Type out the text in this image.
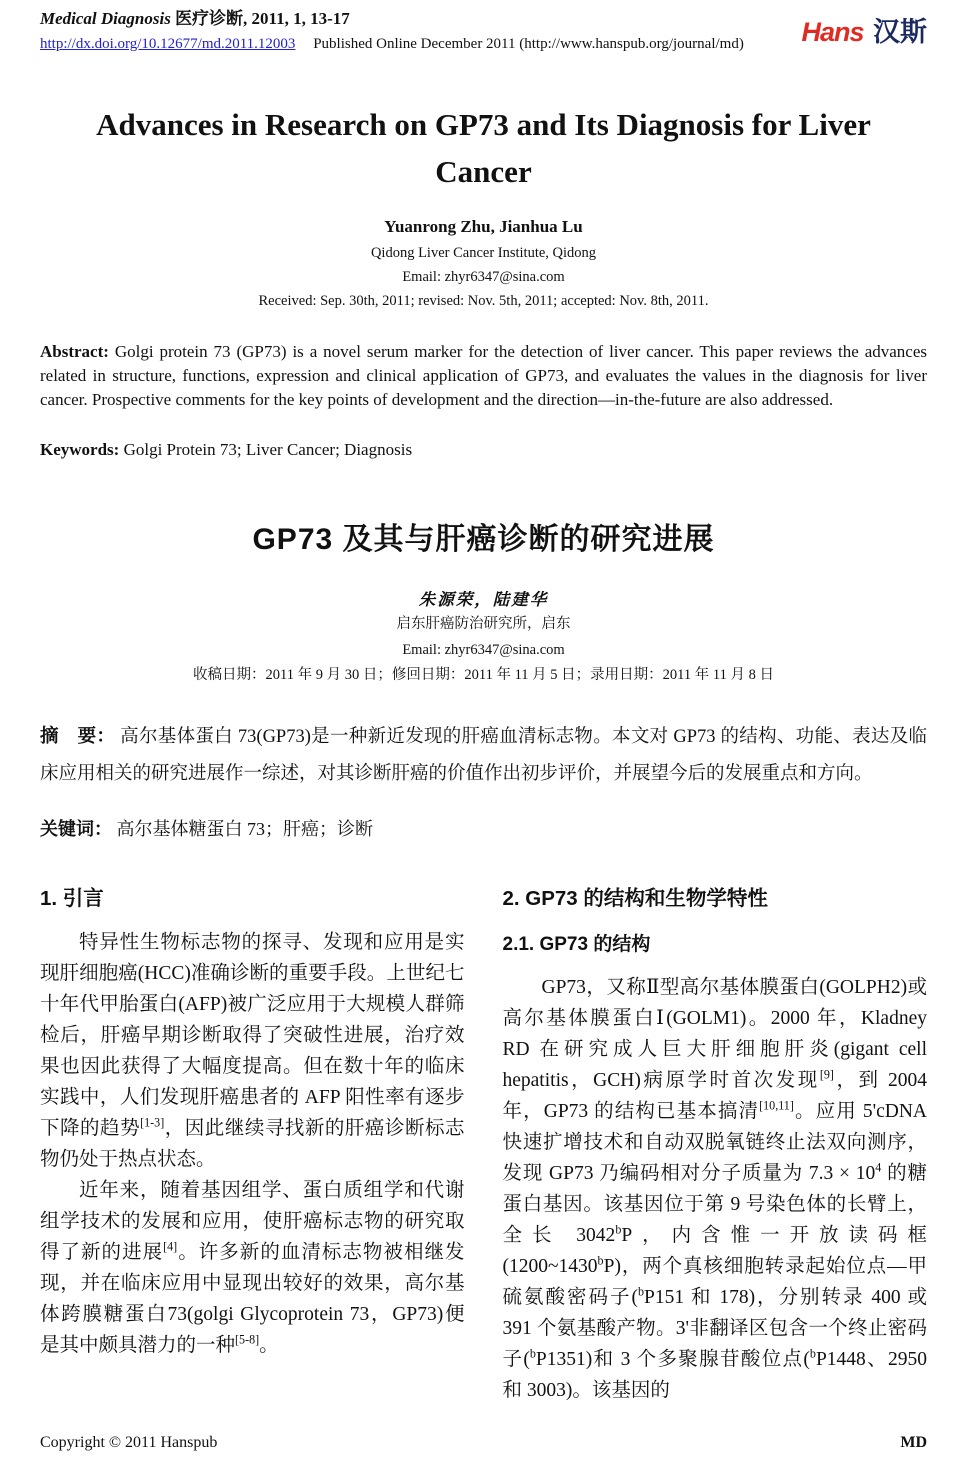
Medical Diagnosis 医疗诊断, 2011, 1, 13-17
http://dx.doi.org/10.12677/md.2011.12003 Published Online December 2011 (http://www.hanspub.org/journal/md) Hans 汉斯
Advances in Research on GP73 and Its Diagnosis for Liver Cancer
Yuanrong Zhu, Jianhua Lu
Qidong Liver Cancer Institute, Qidong
Email: zhyr6347@sina.com
Received: Sep. 30th, 2011; revised: Nov. 5th, 2011; accepted: Nov. 8th, 2011.

Abstract: Golgi protein 73 (GP73) is a novel serum marker for the detection of liver cancer. This paper reviews the advances related in structure, functions, expression and clinical application of GP73, and evaluates the values in the diagnosis for liver cancer. Prospective comments for the key points of development and the direction—in-the-future are also addressed.

Keywords: Golgi Protein 73; Liver Cancer; Diagnosis

GP73 及其与肝癌诊断的研究进展
朱源荣，陆建华
启东肝癌防治研究所，启东
Email: zhyr6347@sina.com
收稿日期：2011 年 9 月 30 日；修回日期：2011 年 11 月 5 日；录用日期：2011 年 11 月 8 日

摘　要： 高尔基体蛋白 73(GP73)是一种新近发现的肝癌血清标志物。本文对 GP73 的结构、功能、表达及临床应用相关的研究进展作一综述，对其诊断肝癌的价值作出初步评价，并展望今后的发展重点和方向。

关键词： 高尔基体糖蛋白 73；肝癌；诊断

1. 引言

特异性生物标志物的探寻、发现和应用是实现肝细胞癌(HCC)准确诊断的重要手段。上世纪七十年代甲胎蛋白(AFP)被广泛应用于大规模人群筛检后，肝癌早期诊断取得了突破性进展，治疗效果也因此获得了大幅度提高。但在数十年的临床实践中，人们发现肝癌患者的 AFP 阳性率有逐步下降的趋势[1-3]，因此继续寻找新的肝癌诊断标志物仍处于热点状态。

近年来，随着基因组学、蛋白质组学和代谢组学技术的发展和应用，使肝癌标志物的研究取得了新的进展[4]。许多新的血清标志物被相继发现，并在临床应用中显现出较好的效果，高尔基体跨膜糖蛋白73(golgi Glycoprotein 73，GP73)便是其中颇具潜力的一种[5-8]。

2. GP73 的结构和生物学特性
2.1. GP73 的结构

GP73，又称Ⅱ型高尔基体膜蛋白(GOLPH2)或高尔基体膜蛋白Ⅰ(GOLM1)。2000 年，Kladney RD 在研究成人巨大肝细胞肝炎(gigant cell hepatitis，GCH)病原学时首次发现[9]，到 2004 年，GP73 的结构已基本搞清[10,11]。应用 5'cDNA 快速扩增技术和自动双脱氧链终止法双向测序，发现 GP73 乃编码相对分子质量为 $7.3 \times 10^4$ 的糖蛋白基因。该基因位于第 9 号染色体的长臂上，全长 3042$^b$P，内含惟一开放读码框(1200~1430$^b$P)，两个真核细胞转录起始位点—甲硫氨酸密码子($^b$P151 和 178)，分别转录 400 或 391 个氨基酸产物。3'非翻译区包含一个终止密码子($^b$P1351)和 3 个多聚腺苷酸位点($^b$P1448、2950 和 3003)。该基因的

Copyright © 2011 Hanspub	MD
